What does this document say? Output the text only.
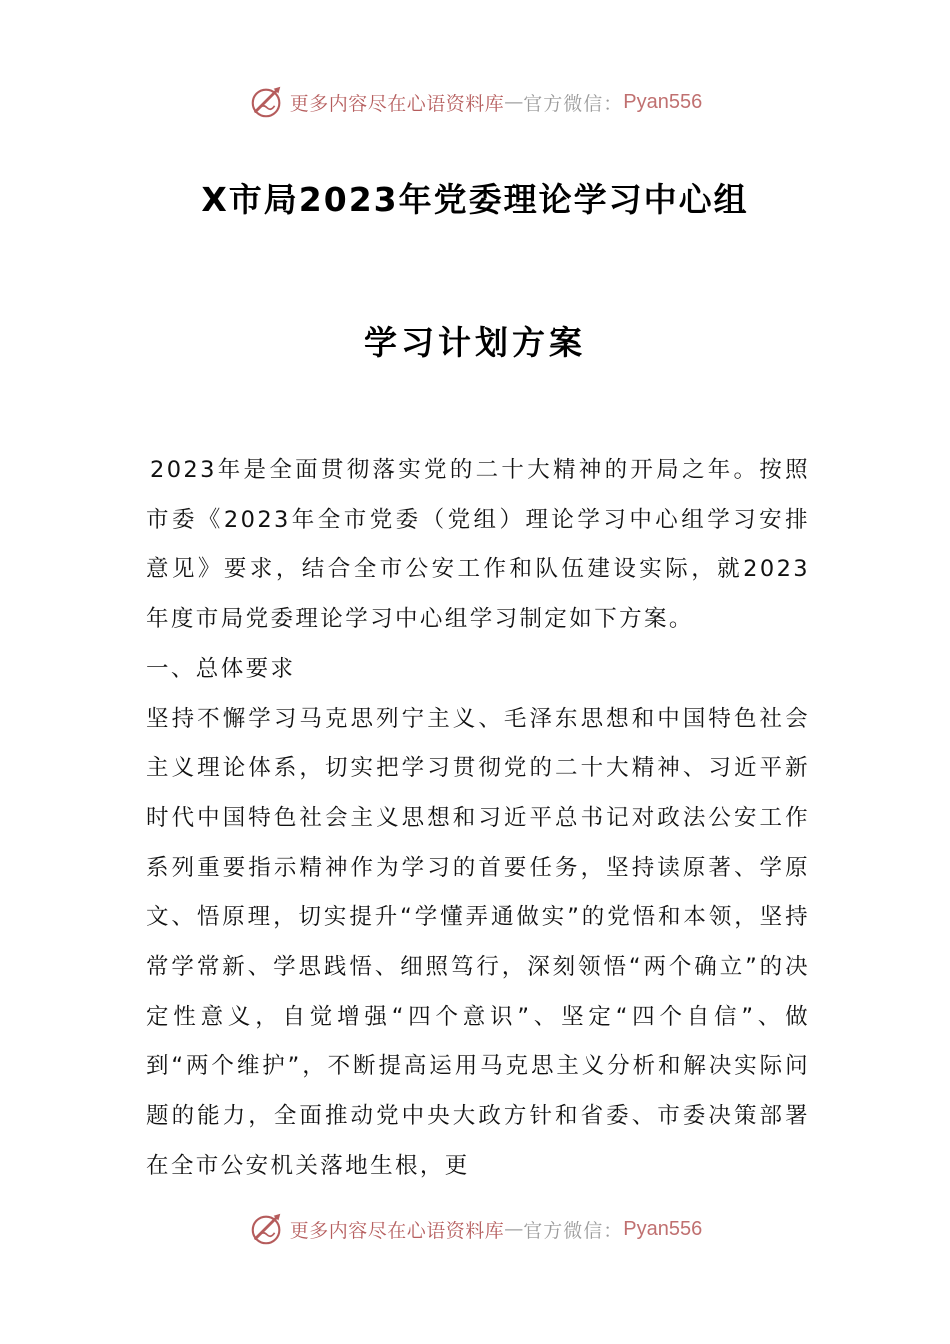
更多内容尽在心语资料库 — 官方微信： Pyan556
X市局2023年党委理论学习中心组
学习计划方案

2023年是全面贯彻落实党的二十大精神的开局之年。按照市委《2023年全市党委（党组）理论学习中心组学习安排意见》要求，结合全市公安工作和队伍建设实际，就2023年度市局党委理论学习中心组学习制定如下方案。

一、总体要求

坚持不懈学习马克思列宁主义、毛泽东思想和中国特色社会主义理论体系，切实把学习贯彻党的二十大精神、习近平新时代中国特色社会主义思想和习近平总书记对政法公安工作系列重要指示精神作为学习的首要任务，坚持读原著、学原文、悟原理，切实提升“学懂弄通做实”的党悟和本领，坚持常学常新、学思践悟、细照笃行，深刻领悟“两个确立”的决定性意义，自觉增强“四个意识”、坚定“四个自信”、做到“两个维护”，不断提高运用马克思主义分析和解决实际问题的能力，全面推动党中央大政方针和省委、市委决策部署在全市公安机关落地生根，更

更多内容尽在心语资料库 — 官方微信： Pyan556
